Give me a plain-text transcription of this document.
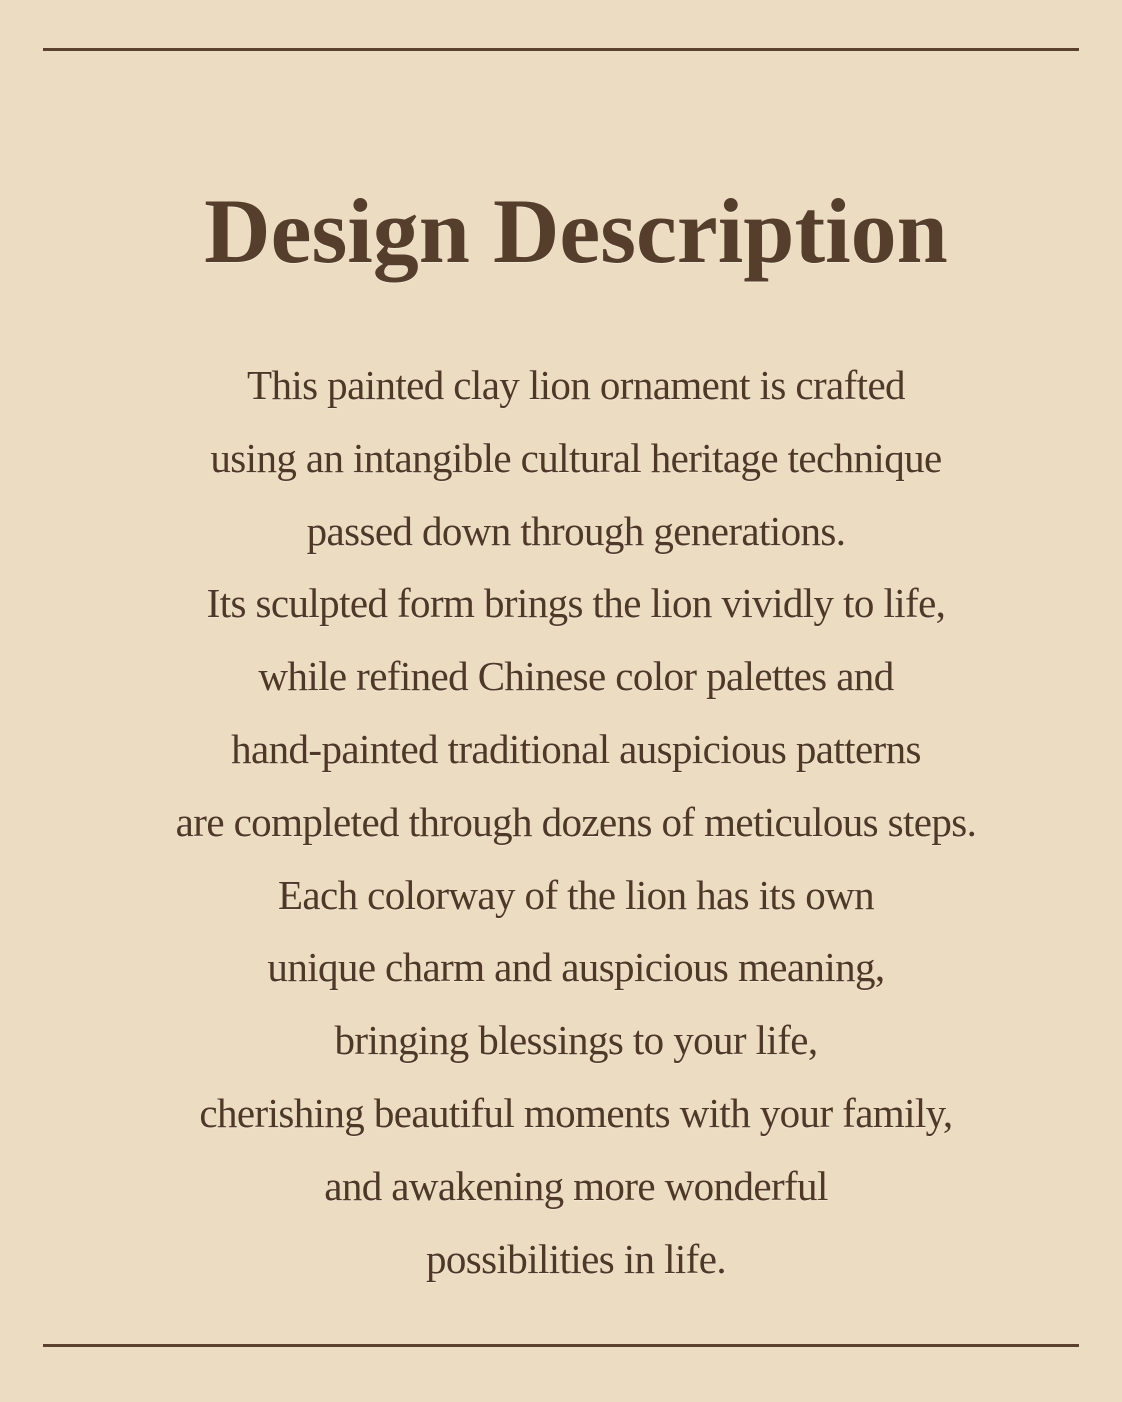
Design Description
This painted clay lion ornament is crafted
using an intangible cultural heritage technique
passed down through generations.
Its sculpted form brings the lion vividly to life,
while refined Chinese color palettes and
hand-painted traditional auspicious patterns
are completed through dozens of meticulous steps.
Each colorway of the lion has its own
unique charm and auspicious meaning,
bringing blessings to your life,
cherishing beautiful moments with your family,
and awakening more wonderful
possibilities in life.
